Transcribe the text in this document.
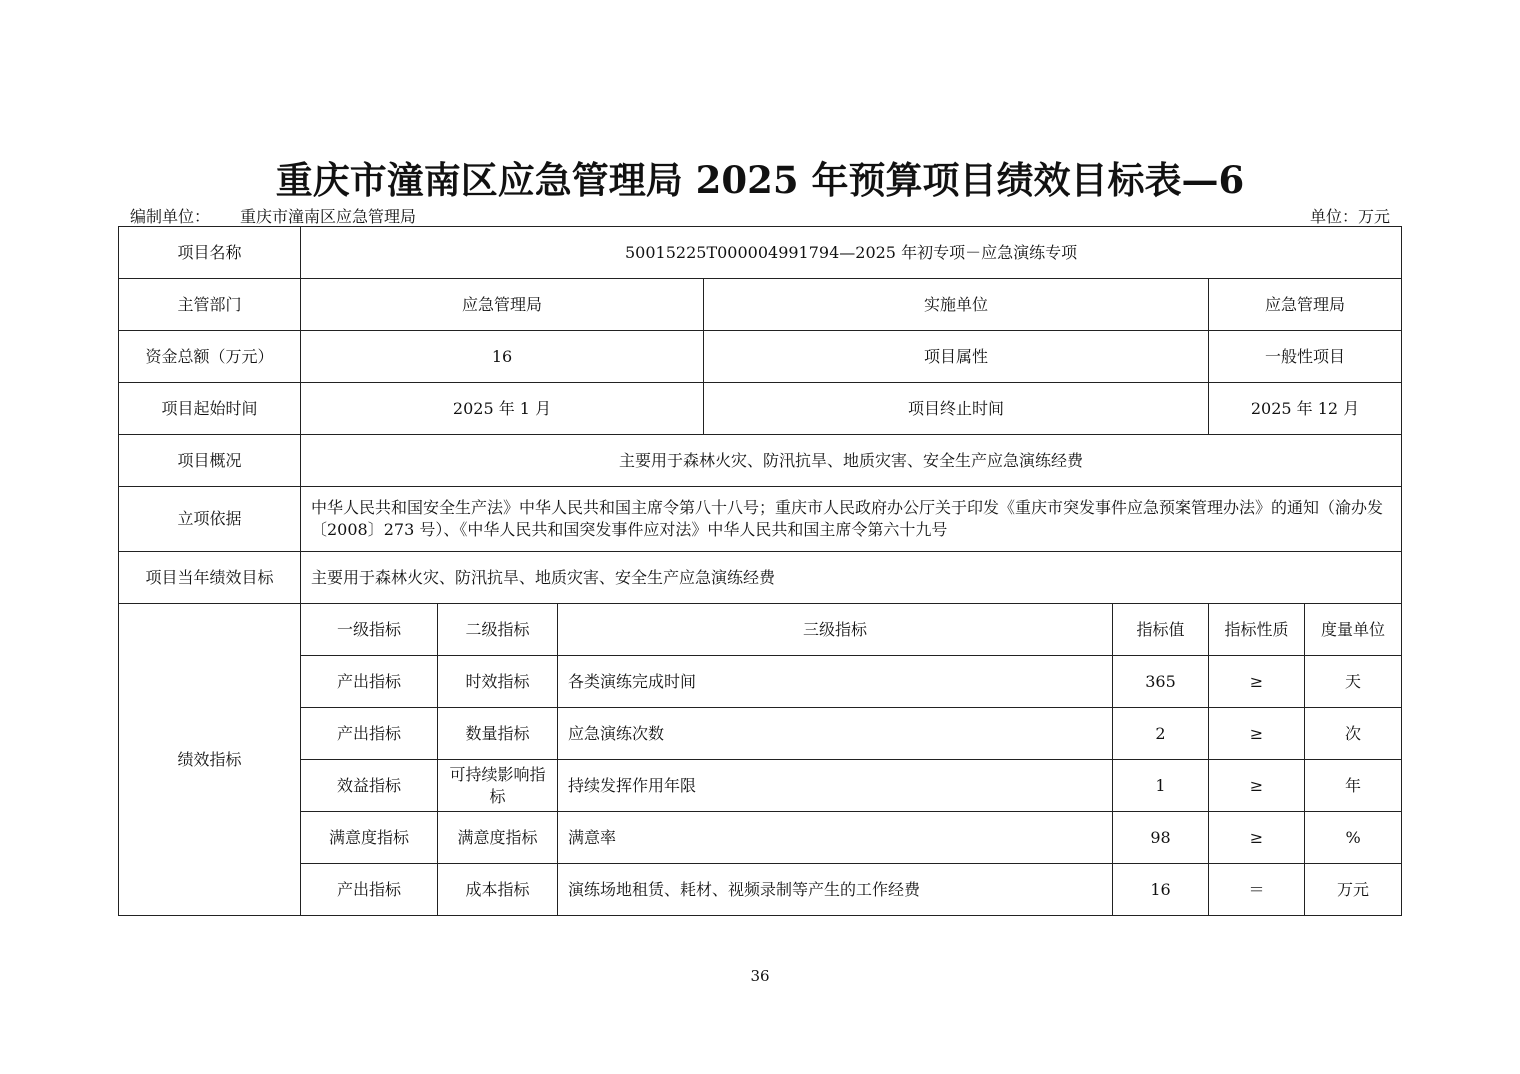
重庆市潼南区应急管理局 2025 年预算项目绩效目标表—6
编制单位： 重庆市潼南区应急管理局	单位：万元
项目名称	50015225T000004991794—2025 年初专项－应急演练专项						
主管部门	应急管理局			实施单位		应急管理局	
资金总额（万元）	16			项目属性		一般性项目	
项目起始时间	2025 年 1 月			项目终止时间		2025 年 12 月	
项目概况	主要用于森林火灾、防汛抗旱、地质灾害、安全生产应急演练经费						
立项依据	中华人民共和国安全生产法》中华人民共和国主席令第八十八号；重庆市人民政府办公厅关于印发《重庆市突发事件应急预案管理办法》的通知（渝办发〔2008〕273 号）、《中华人民共和国突发事件应对法》中华人民共和国主席令第六十九号						
项目当年绩效目标	主要用于森林火灾、防汛抗旱、地质灾害、安全生产应急演练经费						
绩效指标	一级指标	二级指标	三级指标		指标值	指标性质	度量单位
	产出指标	时效指标	各类演练完成时间		365	≥	天
	产出指标	数量指标	应急演练次数		2	≥	次
	效益指标	可持续影响指标	持续发挥作用年限		1	≥	年
	满意度指标	满意度指标	满意率		98	≥	%
	产出指标	成本指标	演练场地租赁、耗材、视频录制等产生的工作经费		16	＝	万元
36
